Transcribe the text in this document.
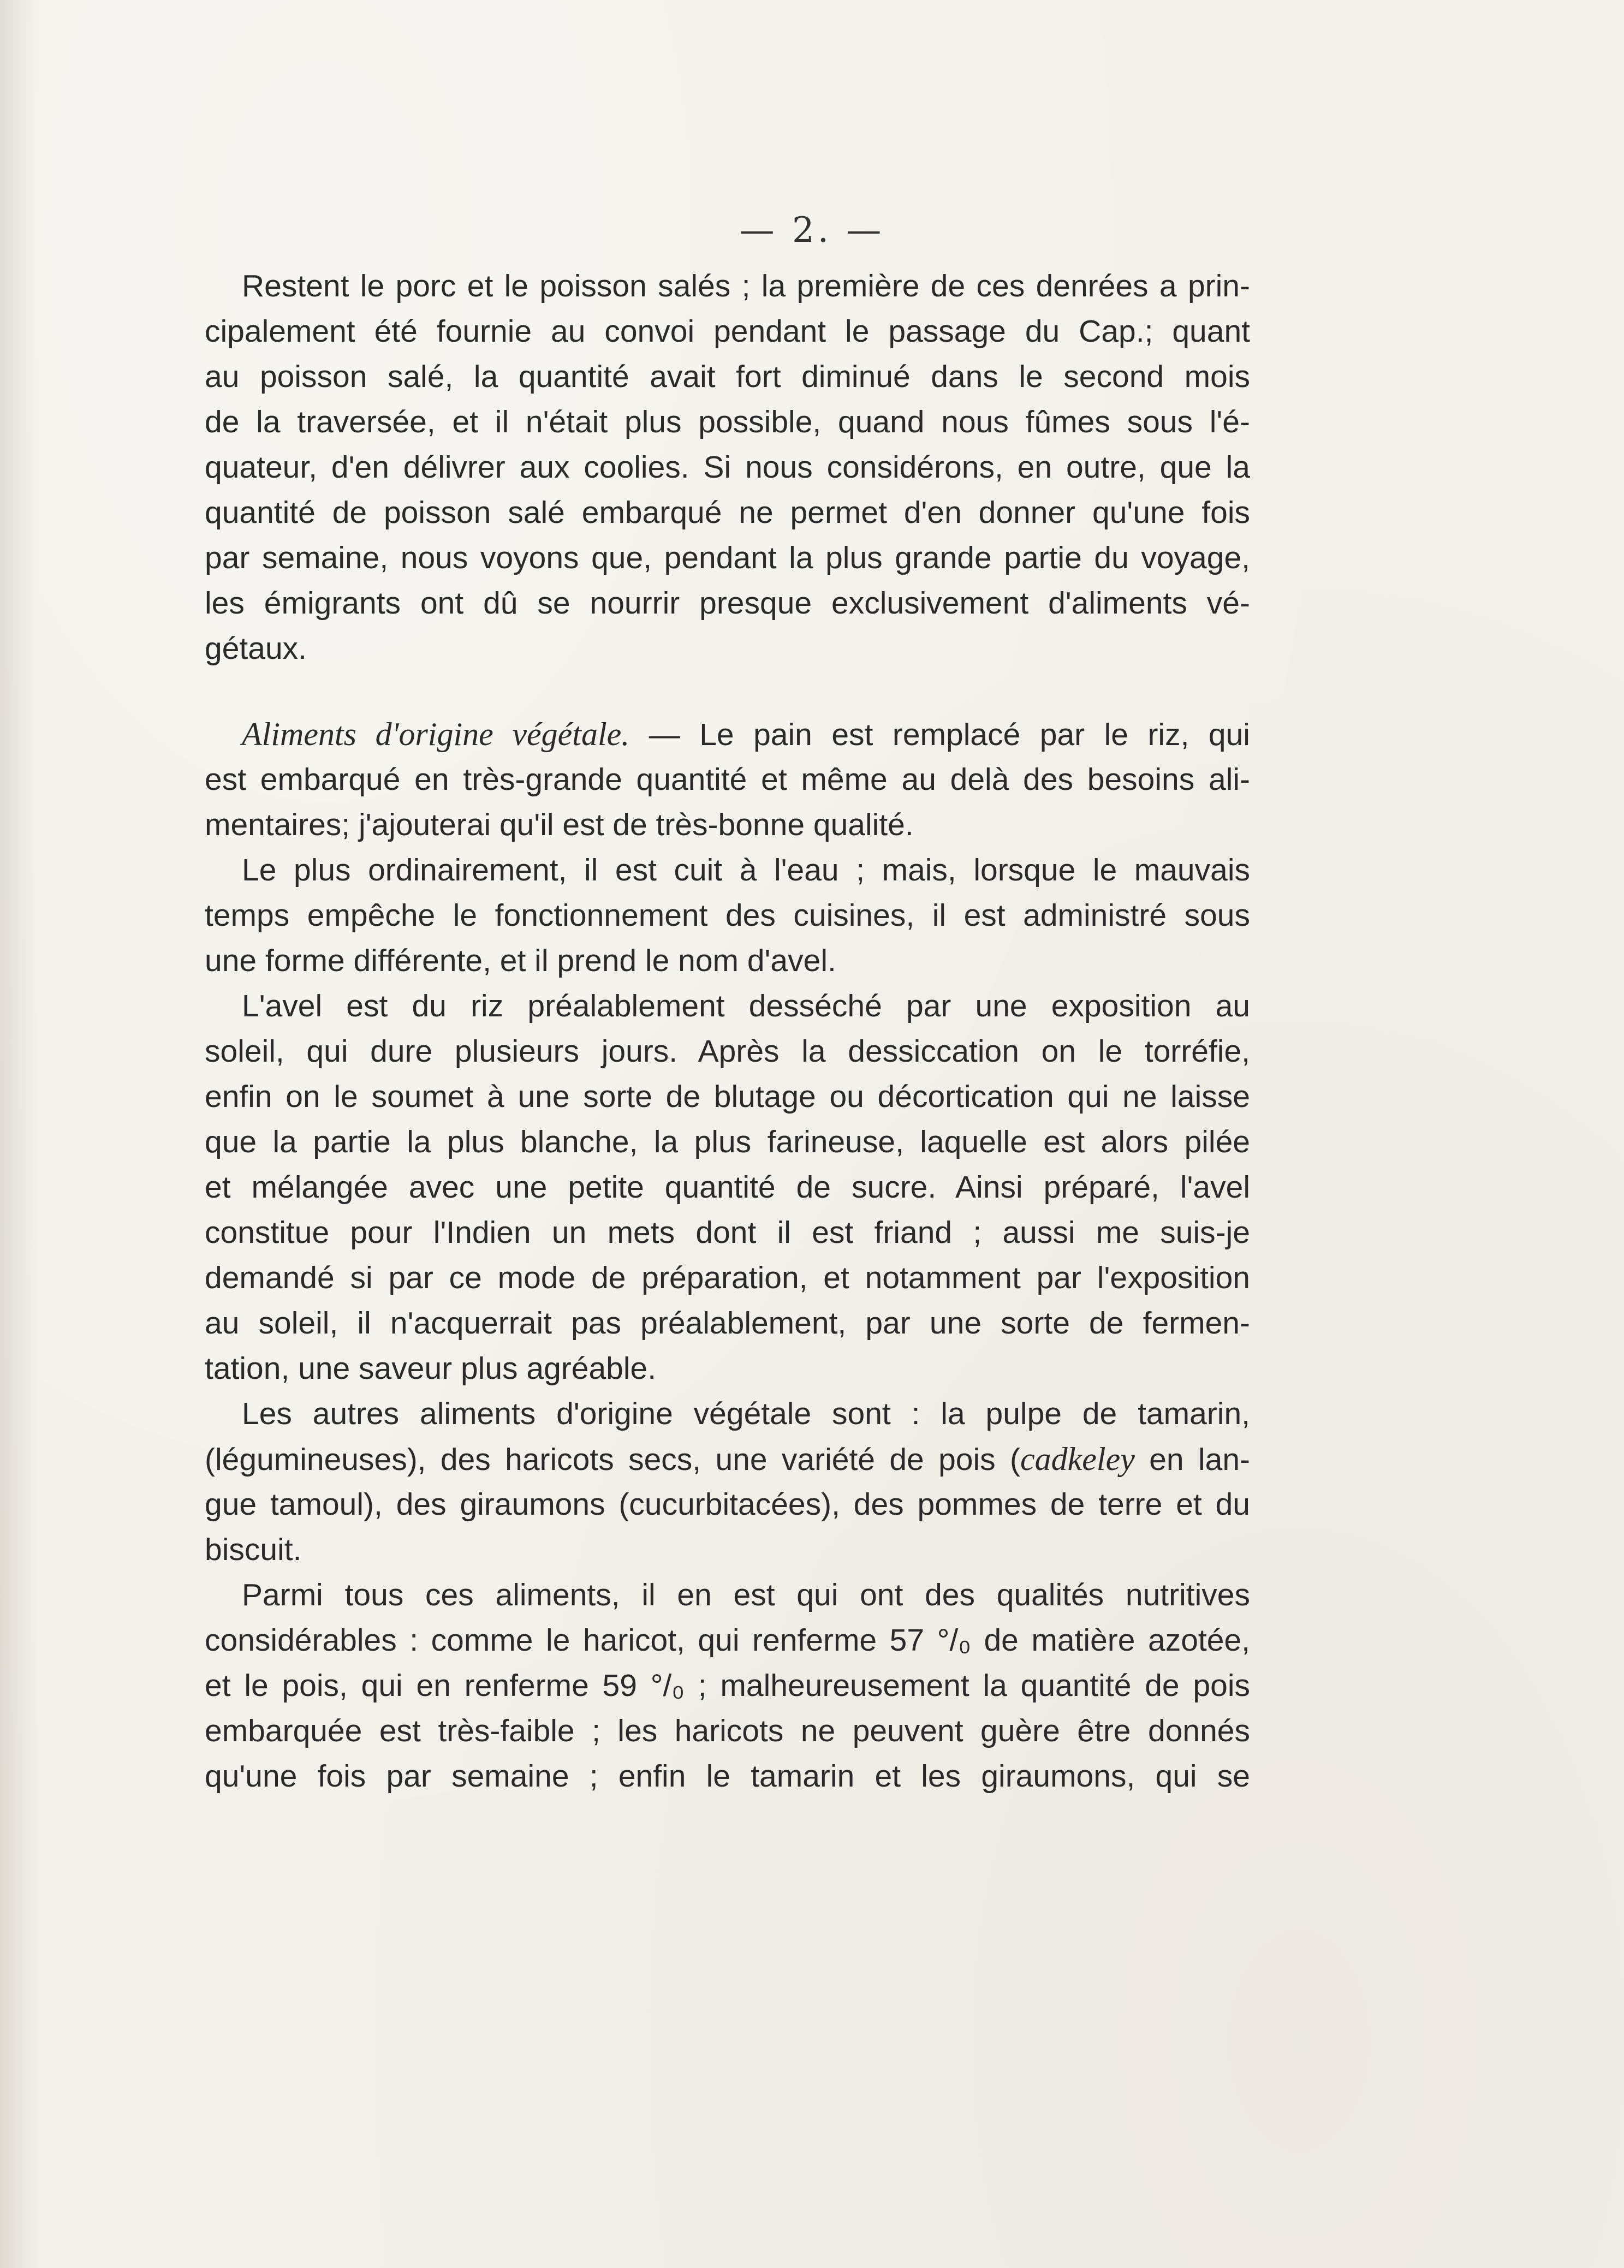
— 2. —
Restent le porc et le poisson salés ; la première de ces denrées a prin-
cipalement été fournie au convoi pendant le passage du Cap.; quant
au poisson salé, la quantité avait fort diminué dans le second mois
de la traversée, et il n'était plus possible, quand nous fûmes sous l'é-
quateur, d'en délivrer aux coolies. Si nous considérons, en outre, que la
quantité de poisson salé embarqué ne permet d'en donner qu'une fois
par semaine, nous voyons que, pendant la plus grande partie du voyage,
les émigrants ont dû se nourrir presque exclusivement d'aliments vé-
gétaux.
Aliments d'origine végétale. — Le pain est remplacé par le riz, qui
est embarqué en très-grande quantité et même au delà des besoins ali-
mentaires; j'ajouterai qu'il est de très-bonne qualité.
Le plus ordinairement, il est cuit à l'eau ; mais, lorsque le mauvais
temps empêche le fonctionnement des cuisines, il est administré sous
une forme différente, et il prend le nom d'avel.
L'avel est du riz préalablement desséché par une exposition au
soleil, qui dure plusieurs jours. Après la dessiccation on le torréfie,
enfin on le soumet à une sorte de blutage ou décortication qui ne laisse
que la partie la plus blanche, la plus farineuse, laquelle est alors pilée
et mélangée avec une petite quantité de sucre. Ainsi préparé, l'avel
constitue pour l'Indien un mets dont il est friand ; aussi me suis-je
demandé si par ce mode de préparation, et notamment par l'exposition
au soleil, il n'acquerrait pas préalablement, par une sorte de fermen-
tation, une saveur plus agréable.
Les autres aliments d'origine végétale sont : la pulpe de tamarin,
(légumineuses), des haricots secs, une variété de pois (cadkeley en lan-
gue tamoul), des giraumons (cucurbitacées), des pommes de terre et du
biscuit.
Parmi tous ces aliments, il en est qui ont des qualités nutritives
considérables : comme le haricot, qui renferme 57 °/₀ de matière azotée,
et le pois, qui en renferme 59 °/₀ ; malheureusement la quantité de pois
embarquée est très-faible ; les haricots ne peuvent guère être donnés
qu'une fois par semaine ; enfin le tamarin et les giraumons, qui se
